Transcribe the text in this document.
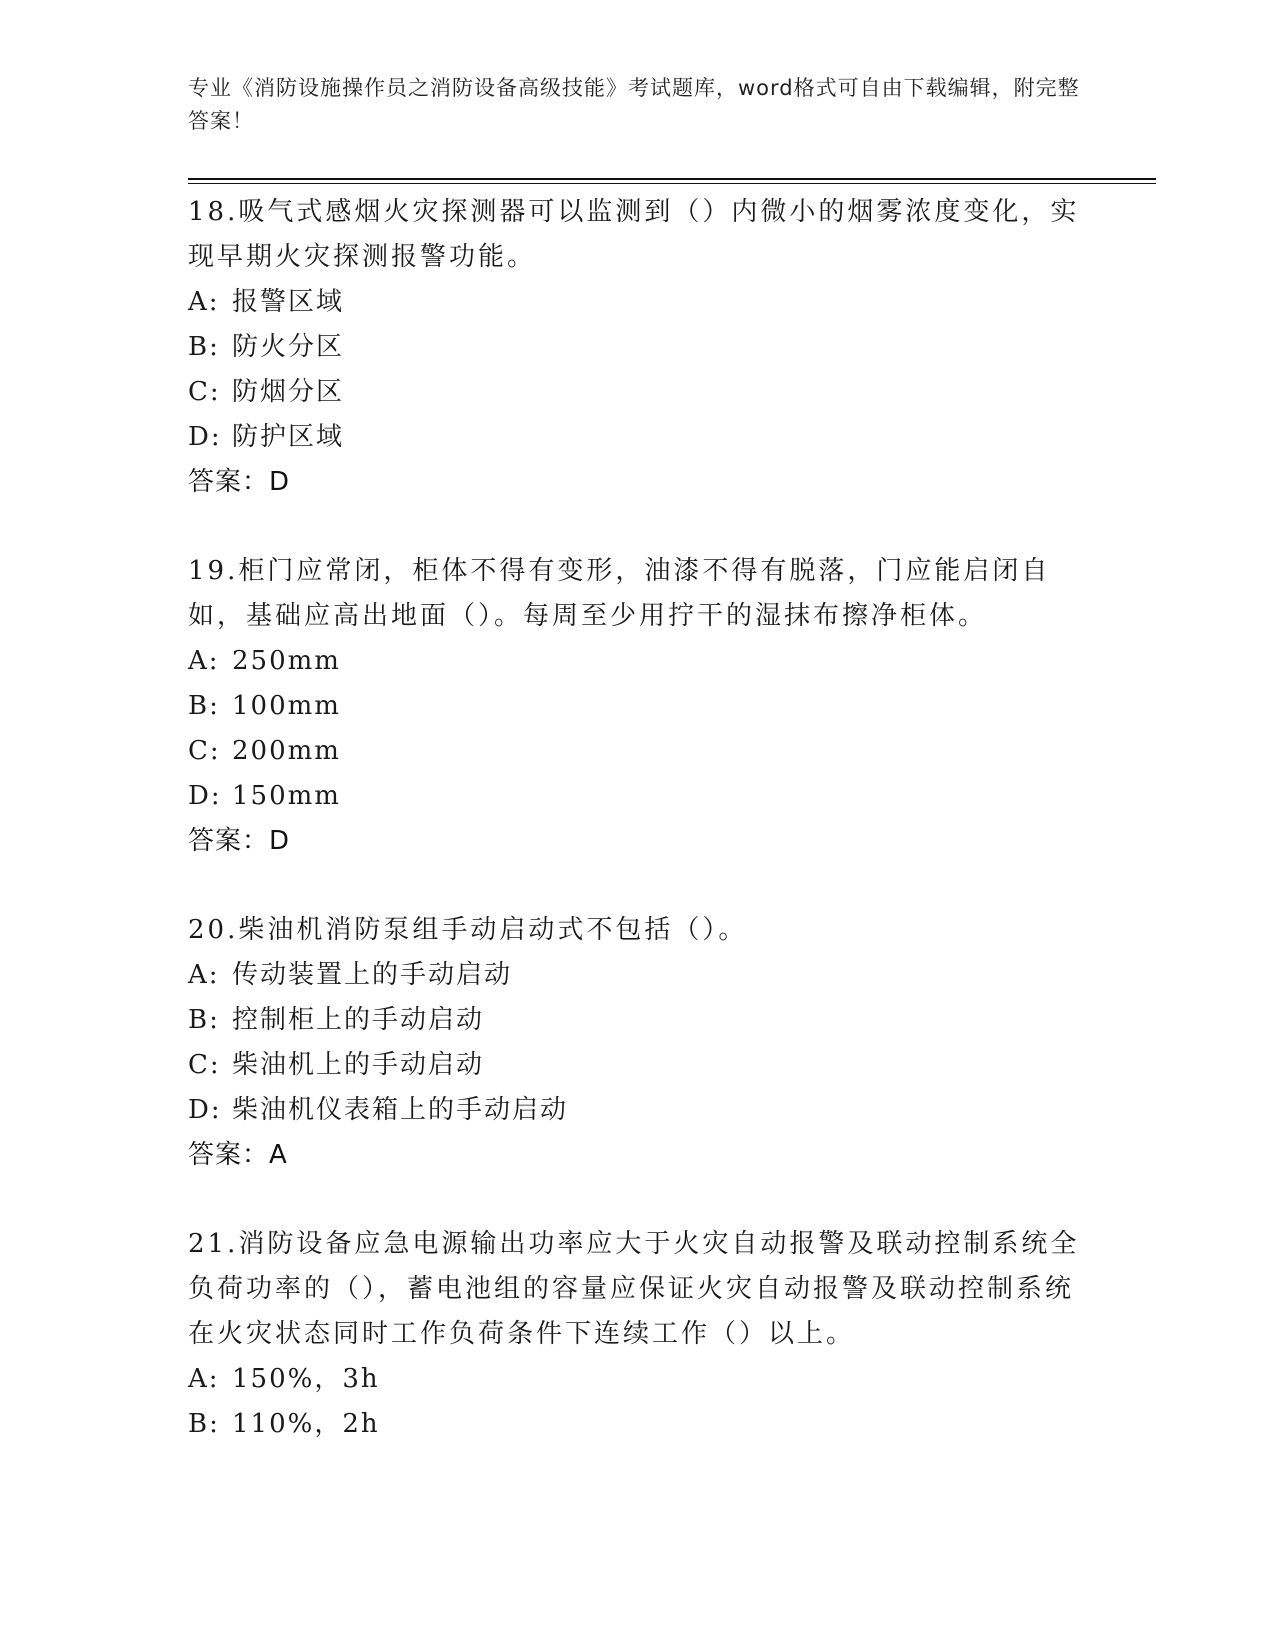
专业《消防设施操作员之消防设备高级技能》考试题库，word格式可自由下载编辑，附完整答案！

18.吸气式感烟火灾探测器可以监测到（）内微小的烟雾浓度变化，实现早期火灾探测报警功能。

A: 报警区域

B: 防火分区

C: 防烟分区

D: 防护区域

答案：D

19.柜门应常闭，柜体不得有变形，油漆不得有脱落，门应能启闭自如，基础应高出地面（）。每周至少用拧干的湿抹布擦净柜体。

A: 250mm

B: 100mm

C: 200mm

D: 150mm

答案：D

20.柴油机消防泵组手动启动式不包括（）。

A: 传动装置上的手动启动

B: 控制柜上的手动启动

C: 柴油机上的手动启动

D: 柴油机仪表箱上的手动启动

答案：A

21.消防设备应急电源输出功率应大于火灾自动报警及联动控制系统全负荷功率的（），蓄电池组的容量应保证火灾自动报警及联动控制系统在火灾状态同时工作负荷条件下连续工作（）以上。

A: 150%，3h

B: 110%，2h
